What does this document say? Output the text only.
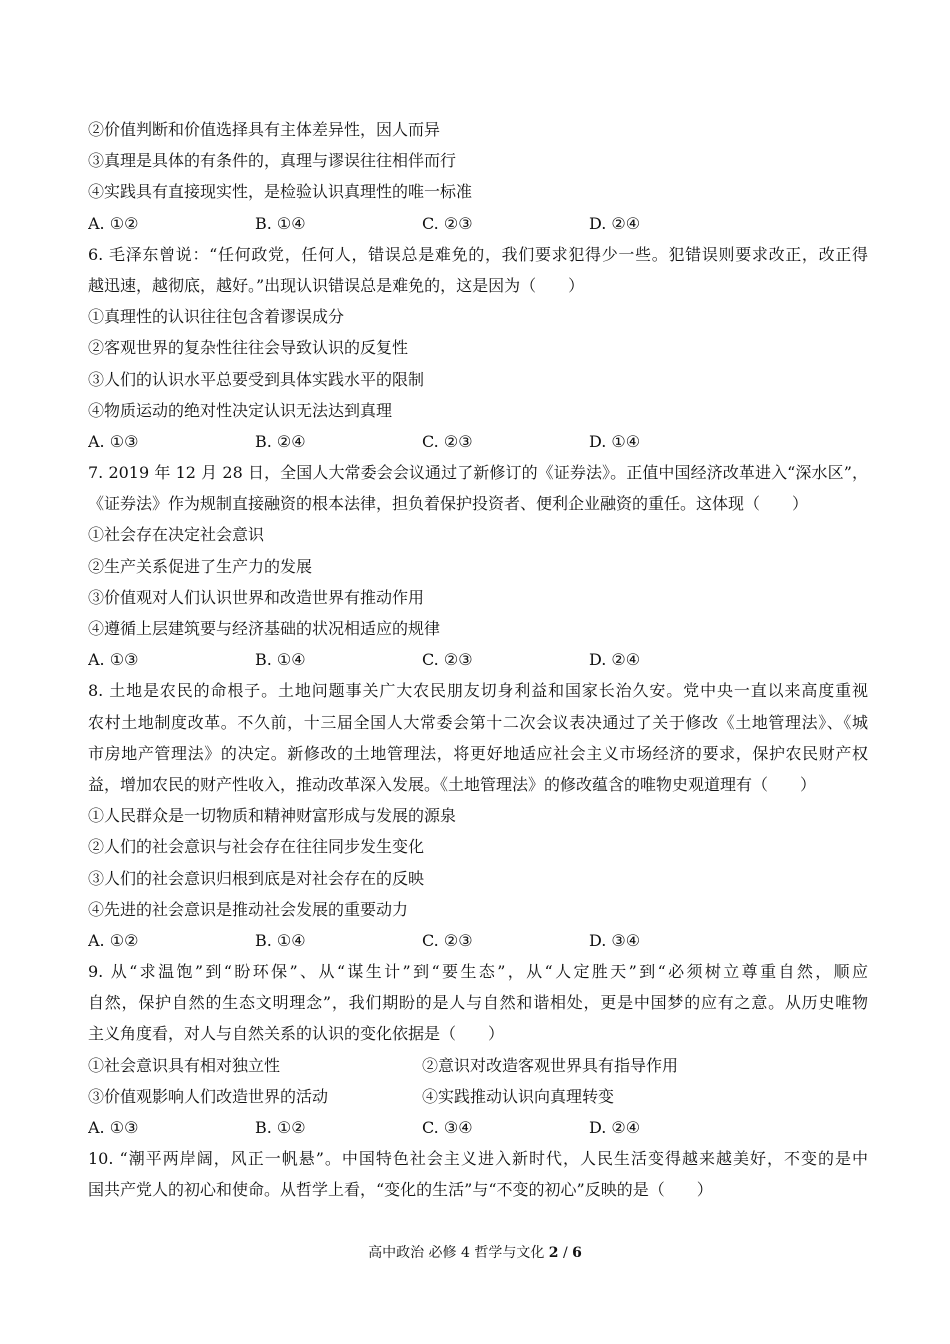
②价值判断和价值选择具有主体差异性，因人而异
③真理是具体的有条件的，真理与谬误往往相伴而行
④实践具有直接现实性，是检验认识真理性的唯一标准
A. ①②	B. ①④	C. ②③	D. ②④
6. 毛泽东曾说：“任何政党，任何人，错误总是难免的，我们要求犯得少一些。犯错误则要求改正，改正得
越迅速，越彻底，越好。”出现认识错误总是难免的，这是因为（　　）
①真理性的认识往往包含着谬误成分
②客观世界的复杂性往往会导致认识的反复性
③人们的认识水平总要受到具体实践水平的限制
④物质运动的绝对性决定认识无法达到真理
A. ①③	B. ②④	C. ②③	D. ①④
7. 2019 年 12 月 28 日，全国人大常委会会议通过了新修订的《证券法》。正值中国经济改革进入“深水区”，
《证券法》作为规制直接融资的根本法律，担负着保护投资者、便利企业融资的重任。这体现（　　）
①社会存在决定社会意识
②生产关系促进了生产力的发展
③价值观对人们认识世界和改造世界有推动作用
④遵循上层建筑要与经济基础的状况相适应的规律
A. ①③	B. ①④	C. ②③	D. ②④
8. 土地是农民的命根子。土地问题事关广大农民朋友切身利益和国家长治久安。党中央一直以来高度重视
农村土地制度改革。不久前，十三届全国人大常委会第十二次会议表决通过了关于修改《土地管理法》、《城
市房地产管理法》的决定。新修改的土地管理法，将更好地适应社会主义市场经济的要求，保护农民财产权
益，增加农民的财产性收入，推动改革深入发展。《土地管理法》的修改蕴含的唯物史观道理有（　　）
①人民群众是一切物质和精神财富形成与发展的源泉
②人们的社会意识与社会存在往往同步发生变化
③人们的社会意识归根到底是对社会存在的反映
④先进的社会意识是推动社会发展的重要动力
A. ①②	B. ①④	C. ②③	D. ③④
9. 从“求温饱”到“盼环保”、从“谋生计”到“要生态”，从“人定胜天”到“必须树立尊重自然，顺应
自然，保护自然的生态文明理念”，我们期盼的是人与自然和谐相处，更是中国梦的应有之意。从历史唯物
主义角度看，对人与自然关系的认识的变化依据是（　　）
①社会意识具有相对独立性	②意识对改造客观世界具有指导作用
③价值观影响人们改造世界的活动	④实践推动认识向真理转变
A. ①③	B. ①②	C. ③④	D. ②④
10. “潮平两岸阔，风正一帆悬”。中国特色社会主义进入新时代，人民生活变得越来越美好，不变的是中
国共产党人的初心和使命。从哲学上看，“变化的生活”与“不变的初心”反映的是（　　）
高中政治 必修 4 哲学与文化 2 / 6
